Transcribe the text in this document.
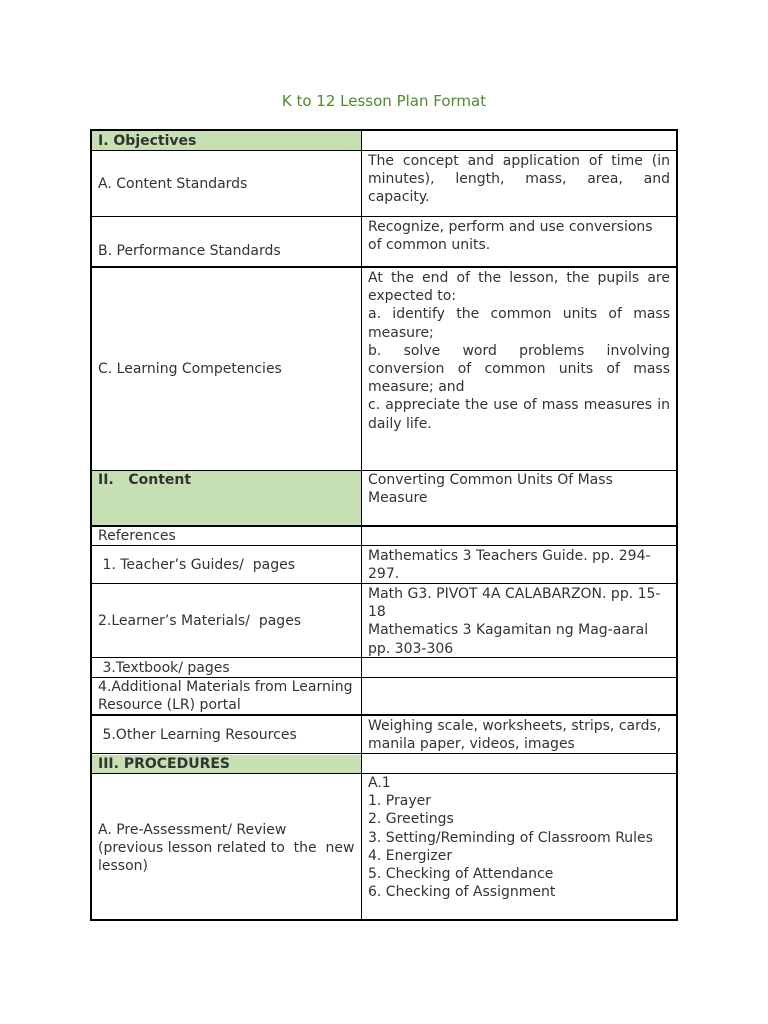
K to 12 Lesson Plan Format
I. Objectives
A. Content Standards

The concept and application of time (in minutes), length, mass, area, and capacity.

B. Performance Standards

Recognize, perform and use conversions of common units.

C. Learning Competencies

At the end of the lesson, the pupils are expected to:
a. identify the common units of mass measure;
b. solve word problems involving conversion of common units of mass measure; and
c. appreciate the use of mass measures in daily life.

II.   Content	Converting Common Units Of Mass Measure

References
1. Teacher’s Guides/  pages

Mathematics 3 Teachers Guide. pp. 294-297.

2.Learner’s Materials/  pages

Math G3. PIVOT 4A CALABARZON. pp. 15-18
Mathematics 3 Kagamitan ng Mag-aaral pp. 303-306

3.Textbook/ pages

4.Additional Materials from Learning Resource (LR) portal

5.Other Learning Resources

Weighing scale, worksheets, strips, cards, manila paper, videos, images

III. PROCEDURES
A. Pre-Assessment/ Review (previous lesson related to  the  new  lesson)

A.1
1. Prayer
2. Greetings
3. Setting/Reminding of Classroom Rules
4. Energizer
5. Checking of Attendance
6. Checking of Assignment
